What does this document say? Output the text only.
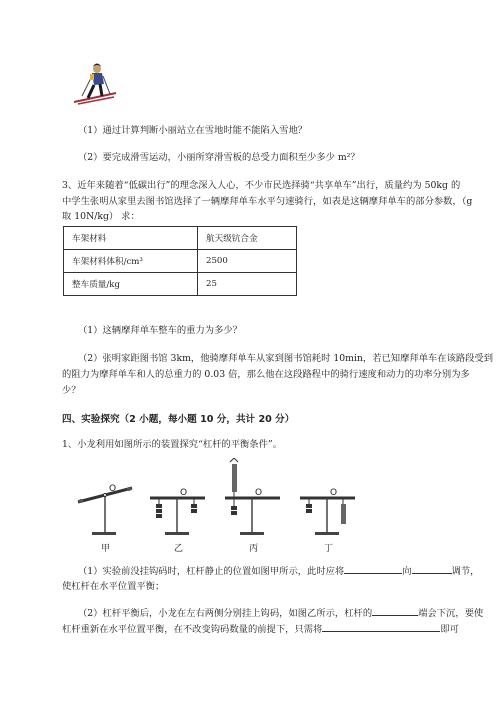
（1）通过计算判断小丽站立在雪地时能不能陷入雪地？
（2）要完成滑雪运动，小丽所穿滑雪板的总受力面积至少多少 m²？
3、近年来随着“低碳出行”的理念深入人心，不少市民选择骑“共享单车”出行，质量约为 50kg 的
中学生张明从家里去图书馆选择了一辆摩拜单车水平匀速骑行，如表是这辆摩拜单车的部分参数，（g
取 10N/kg） 求：
车架材料	航天级钪合金
车架材料体积/cm³	2500
整车质量/kg	25
（1）这辆摩拜单车整车的重力为多少？
（2）张明家距图书馆 3km，他骑摩拜单车从家到图书馆耗时 10min，若已知摩拜单车在该路段受到
的阻力为摩拜单车和人的总重力的 0.03 倍，那么他在这段路程中的骑行速度和动力的功率分别为多
少？
四、实验探究（2 小题，每小题 10 分，共计 20 分）
1、小龙利用如图所示的装置探究“杠杆的平衡条件”。
O	O	O	O
甲	乙	丙	丁
（1）实验前没挂钩码时，杠杆静止的位置如图甲所示，此时应将	向	调节，
使杠杆在水平位置平衡；
（2）杠杆平衡后，小龙在左右两侧分别挂上钩码，如图乙所示，杠杆的	端会下沉，要使
杠杆重新在水平位置平衡，在不改变钩码数量的前提下，只需将	即可
